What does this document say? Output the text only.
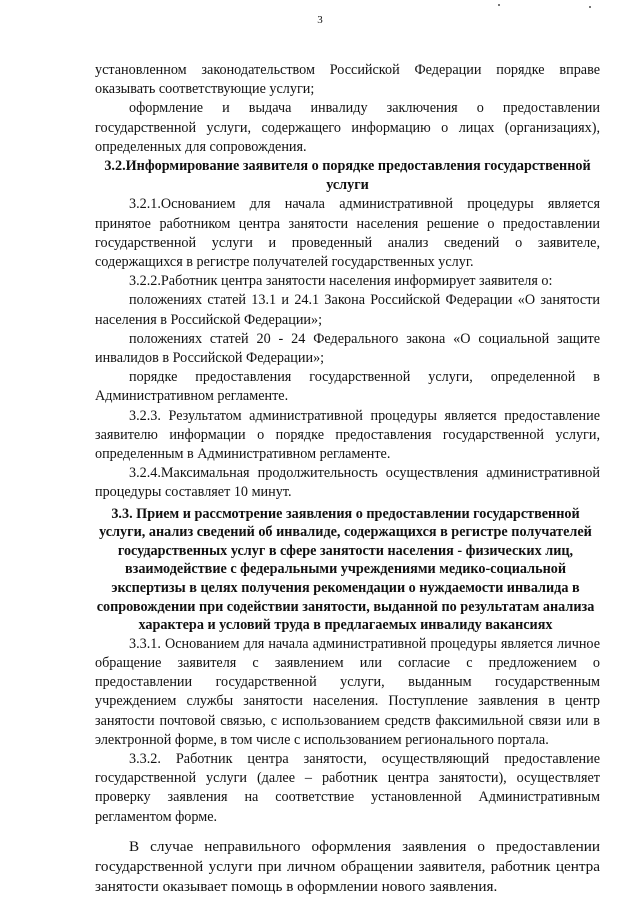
3

установленном законодательством Российской Федерации порядке вправе оказывать соответствующие услуги;

оформление и выдача инвалиду заключения о предоставлении государственной услуги, содержащего информацию о лицах (организациях), определенных для сопровождения.

3.2.Информирование заявителя о порядке предоставления государственной услуги

3.2.1.Основанием для начала административной процедуры является принятое работником центра занятости населения решение о предоставлении государственной услуги и проведенный анализ сведений о заявителе, содержащихся в регистре получателей государственных услуг.

3.2.2.Работник центра занятости населения информирует заявителя о:

положениях статей 13.1 и 24.1 Закона Российской Федерации «О занятости населения в Российской Федерации»;

положениях статей 20 - 24 Федерального закона «О социальной защите инвалидов в Российской Федерации»;

порядке предоставления государственной услуги, определенной в Административном регламенте.

3.2.3. Результатом административной процедуры является предоставление заявителю информации о порядке предоставления государственной услуги, определенным в Административном регламенте.

3.2.4.Максимальная продолжительность осуществления административной процедуры составляет 10 минут.

3.3. Прием и рассмотрение заявления о предоставлении государственной услуги, анализ сведений об инвалиде, содержащихся в регистре получателей государственных услуг в сфере занятости населения - физических лиц, взаимодействие с федеральными учреждениями медико-социальной экспертизы в целях получения рекомендации о нуждаемости инвалида в сопровождении при содействии занятости, выданной по результатам анализа характера и условий труда в предлагаемых инвалиду вакансиях

3.3.1. Основанием для начала административной процедуры является личное обращение заявителя с заявлением или согласие с предложением о предоставлении государственной услуги, выданным государственным учреждением службы занятости населения. Поступление заявления в центр занятости почтовой связью, с использованием средств факсимильной связи или в электронной форме, в том числе с использованием регионального портала.

3.3.2. Работник центра занятости, осуществляющий предоставление государственной услуги (далее – работник центра занятости), осуществляет проверку заявления на соответствие установленной Административным регламентом форме.

В случае неправильного оформления заявления о предоставлении государственной услуги при личном обращении заявителя, работник центра занятости оказывает помощь в оформлении нового заявления.
